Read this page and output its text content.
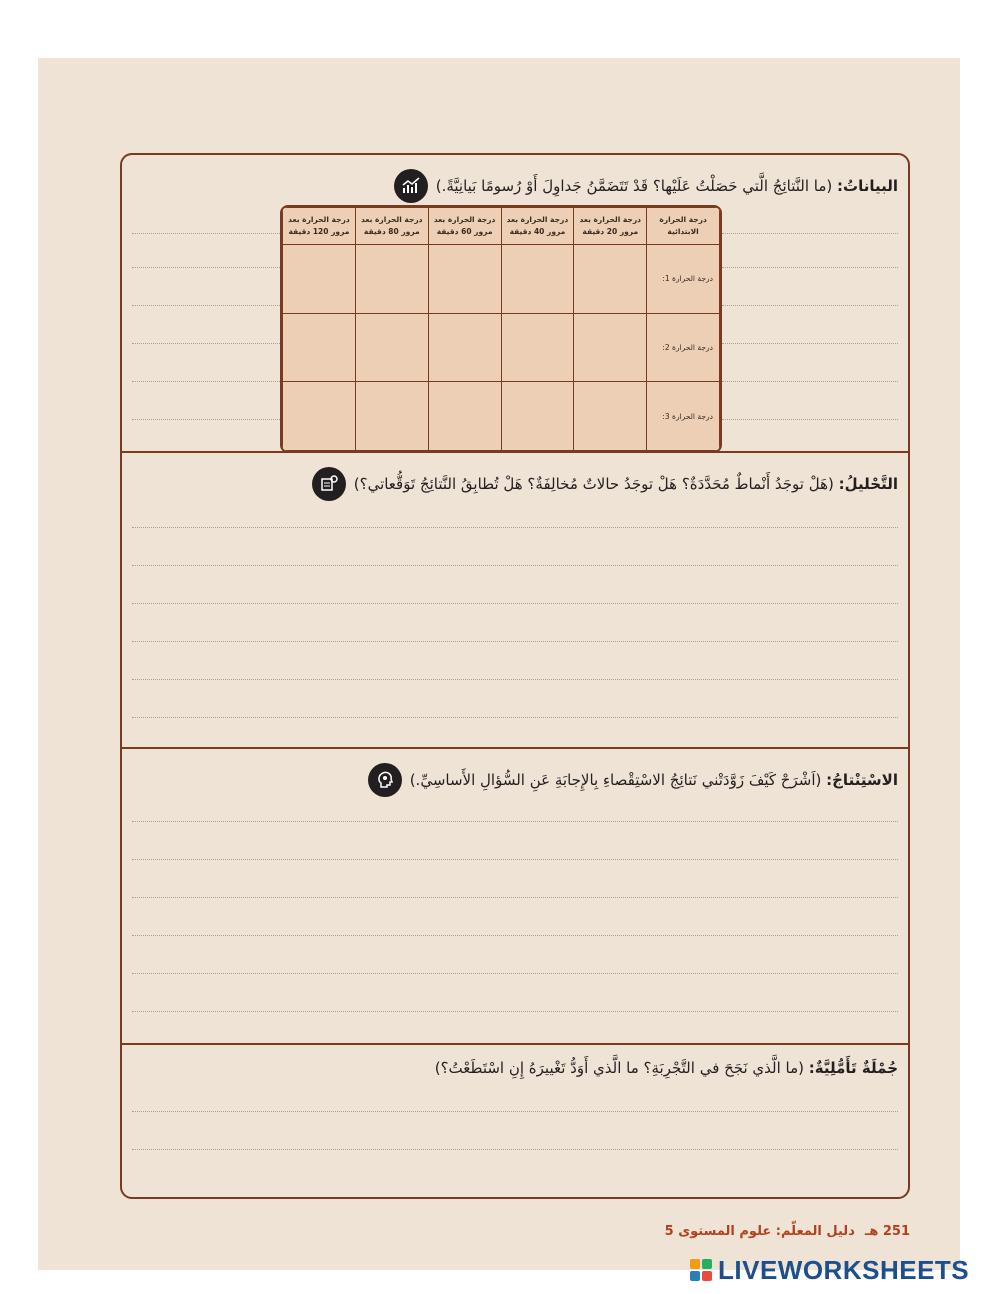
البياناتُ: (ما النَّتائِجُ الَّتي حَصَلْتُ عَلَيْها؟ قَدْ تَتَضَمَّنُ جَداوِلَ أَوْ رُسومًا بَيانِيَّةً.)
درجة الحرارة الابتدائية	درجة الحرارة بعد مرور 20 دقيقة	درجة الحرارة بعد مرور 40 دقيقة	درجة الحرارة بعد مرور 60 دقيقة	درجة الحرارة بعد مرور 80 دقيقة	درجة الحرارة بعد مرور 120 دقيقة
درجة الحرارة 1:					
درجة الحرارة 2:					
درجة الحرارة 3:					
التَّحْليلُ: (هَلْ توجَدُ أَنْماطٌ مُحَدَّدَةٌ؟ هَلْ توجَدُ حالاتٌ مُخالِفَةٌ؟ هَلْ تُطابِقُ النَّتائِجُ تَوَقُّعاتي؟)
الاسْتِنْتاجُ: (اَشْرَحْ كَيْفَ زَوَّدَتْني نَتائِجُ الاسْتِقْصاءِ بِالإِجابَةِ عَنِ السُّؤالِ الأَساسِيِّ.)
جُمْلَةٌ تَأَمُّلِيَّةٌ: (ما الَّذي نَجَحَ في التَّجْرِبَةِ؟ ما الَّذي أَوَدُّ تَغْييرَهُ إِنِ اسْتَطَعْتُ؟)
251 هـ
دليل المعلّم: علوم المستوى 5
LIVEWORKSHEETS
